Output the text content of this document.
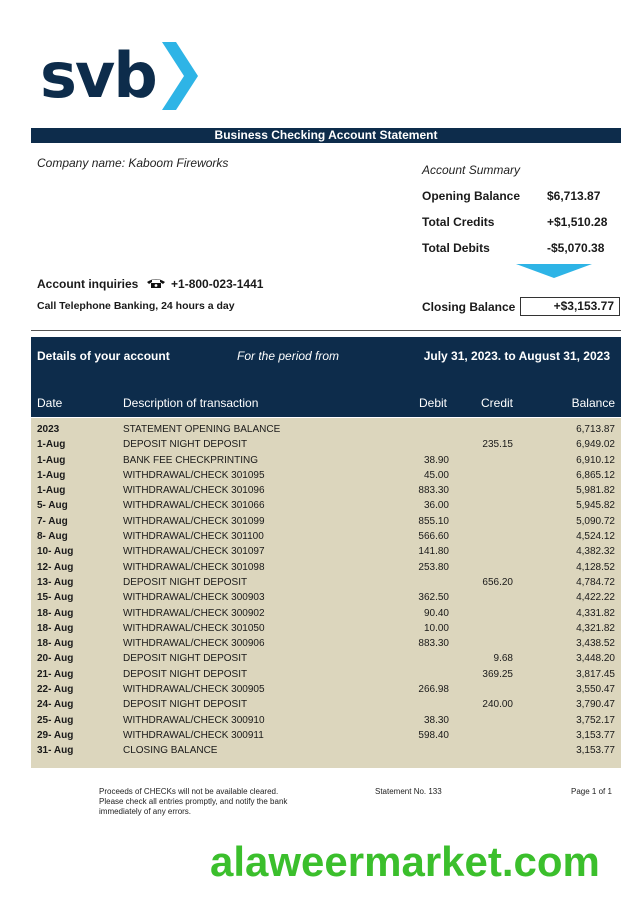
svb
Business Checking Account Statement
Company name: Kaboom Fireworks	Account Summary
Opening Balance $6,713.87
Total Credits	+$1,510.28
Total Debits	-$5,070.38
Account inquiries	+1-800-023-1441
Call Telephone Banking, 24 hours a day	Closing Balance	+$3,153.77
Details of your account	For the period from	July 31, 2023. to August 31, 2023
Date	Description of transaction	Debit	Credit	Balance
2023	STATEMENT OPENING BALANCE			6,713.87
1-Aug	DEPOSIT NIGHT DEPOSIT		235.15	6,949.02
1-Aug	BANK FEE CHECKPRINTING	38.90		6,910.12
1-Aug	WITHDRAWAL/CHECK 301095	45.00		6,865.12
1-Aug	WITHDRAWAL/CHECK 301096	883.30		5,981.82
5- Aug	WITHDRAWAL/CHECK 301066	36.00		5,945.82
7- Aug	WITHDRAWAL/CHECK 301099	855.10		5,090.72
8- Aug	WITHDRAWAL/CHECK 301100	566.60		4,524.12
10- Aug	WITHDRAWAL/CHECK 301097	141.80		4,382.32
12- Aug	WITHDRAWAL/CHECK 301098	253.80		4,128.52
13- Aug	DEPOSIT NIGHT DEPOSIT		656.20	4,784.72
15- Aug	WITHDRAWAL/CHECK 300903	362.50		4,422.22
18- Aug	WITHDRAWAL/CHECK 300902	90.40		4,331.82
18- Aug	WITHDRAWAL/CHECK 301050	10.00		4,321.82
18- Aug	WITHDRAWAL/CHECK 300906	883.30		3,438.52
20- Aug	DEPOSIT NIGHT DEPOSIT		9.68	3,448.20
21- Aug	DEPOSIT NIGHT DEPOSIT		369.25	3,817.45
22- Aug	WITHDRAWAL/CHECK 300905	266.98		3,550.47
24- Aug	DEPOSIT NIGHT DEPOSIT		240.00	3,790.47
25- Aug	WITHDRAWAL/CHECK 300910	38.30		3,752.17
29- Aug	WITHDRAWAL/CHECK 300911	598.40		3,153.77
31- Aug	CLOSING BALANCE			3,153.77
Proceeds of CHECKs will not be available cleared. Please check all entries promptly, and notify the bank immediately of any errors.
Statement No. 133	Page 1 of 1
alaweermarket.com
